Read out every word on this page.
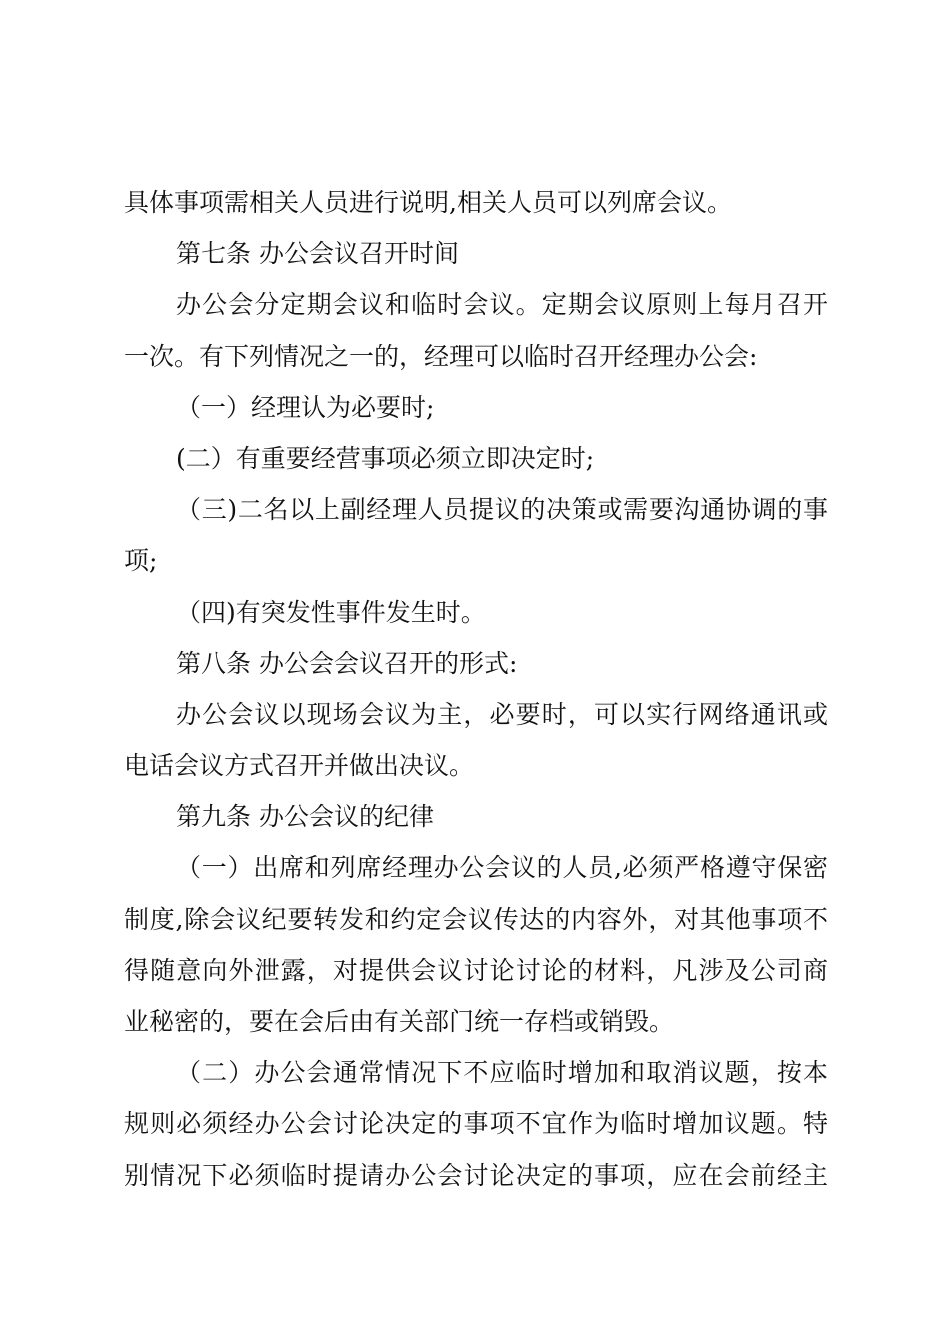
具体事项需相关人员进行说明,相关人员可以列席会议。
第七条 办公会议召开时间
办公会分定期会议和临时会议。定期会议原则上每月召开
一次。有下列情况之一的，经理可以临时召开经理办公会:
（一）经理认为必要时;
(二）有重要经营事项必须立即决定时;
（三)二名以上副经理人员提议的决策或需要沟通协调的事
项;
（四)有突发性事件发生时。
第八条 办公会会议召开的形式:
办公会议以现场会议为主，必要时，可以实行网络通讯或
电话会议方式召开并做出决议。
第九条 办公会议的纪律
（一）出席和列席经理办公会议的人员,必须严格遵守保密
制度,除会议纪要转发和约定会议传达的内容外，对其他事项不
得随意向外泄露，对提供会议讨论讨论的材料，凡涉及公司商
业秘密的，要在会后由有关部门统一存档或销毁。
（二）办公会通常情况下不应临时增加和取消议题，按本
规则必须经办公会讨论决定的事项不宜作为临时增加议题。特
别情况下必须临时提请办公会讨论决定的事项，应在会前经主
